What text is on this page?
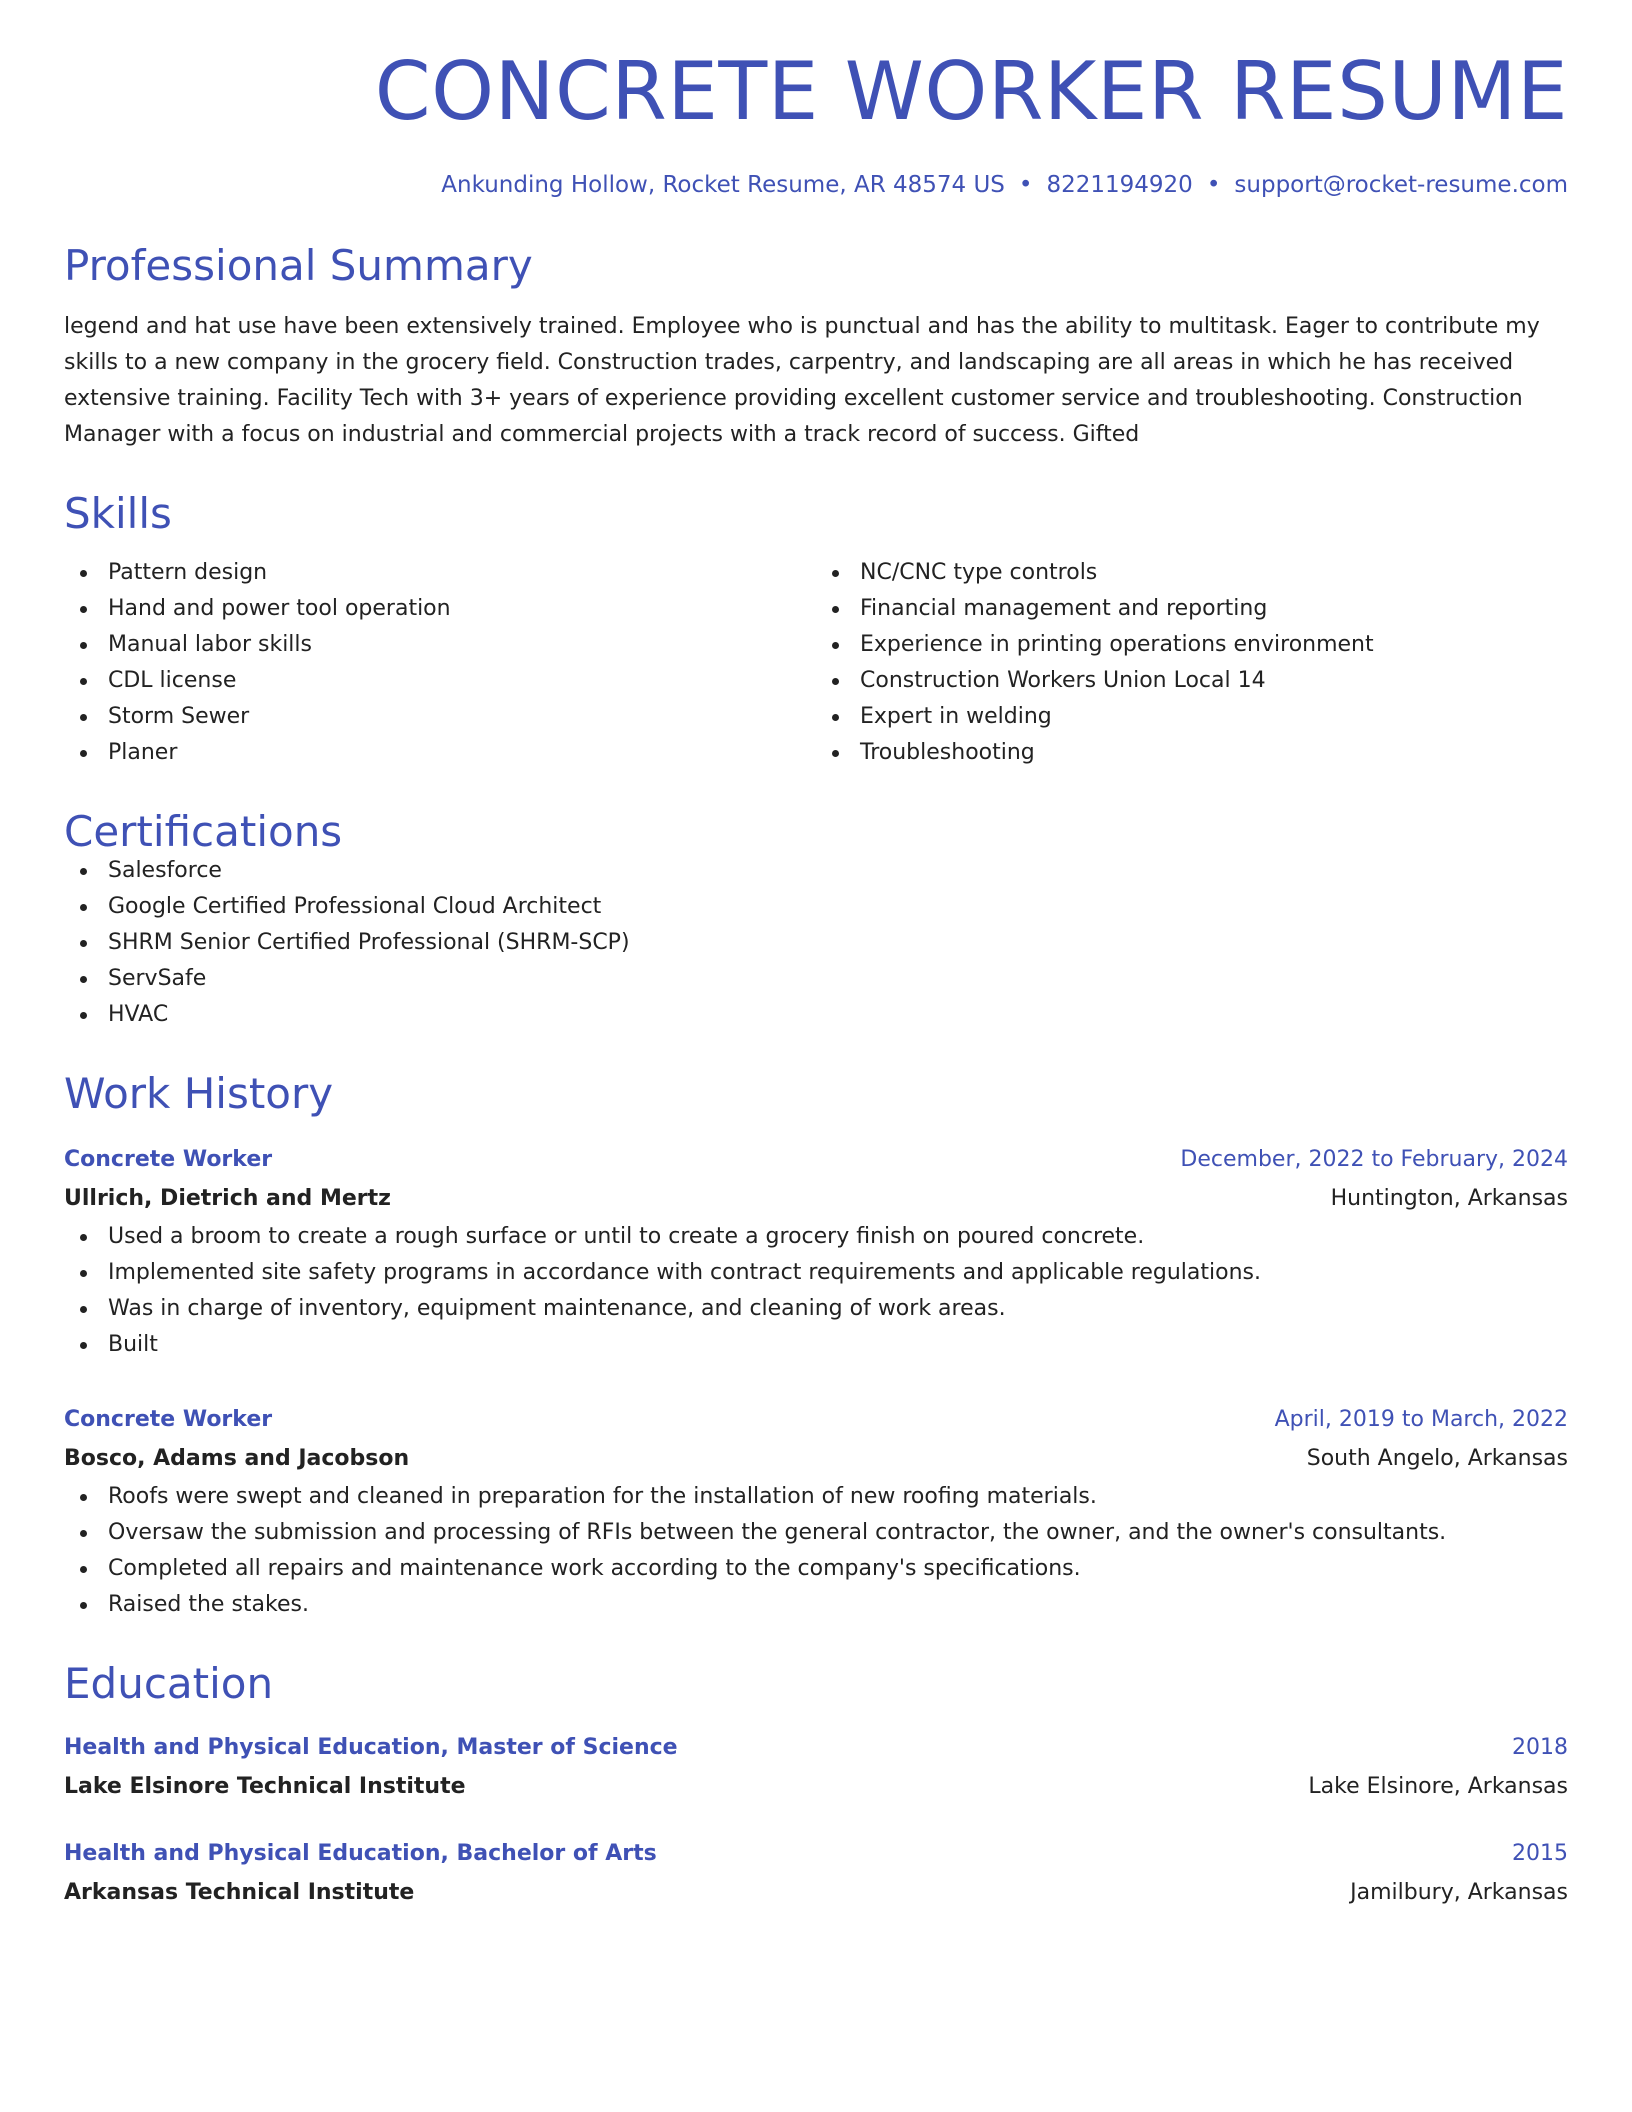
CONCRETE WORKER RESUME
Ankunding Hollow, Rocket Resume, AR 48574 US • 8221194920 • support@rocket-resume.com
Professional Summary
legend and hat use have been extensively trained. Employee who is punctual and has the ability to multitask. Eager to contribute my skills to a new company in the grocery field. Construction trades, carpentry, and landscaping are all areas in which he has received extensive training. Facility Tech with 3+ years of experience providing excellent customer service and troubleshooting. Construction Manager with a focus on industrial and commercial projects with a track record of success. Gifted
Skills
Pattern design
Hand and power tool operation
Manual labor skills
CDL license
Storm Sewer
Planer
NC/CNC type controls
Financial management and reporting
Experience in printing operations environment
Construction Workers Union Local 14
Expert in welding
Troubleshooting
Certifications
Salesforce
Google Certified Professional Cloud Architect
SHRM Senior Certified Professional (SHRM-SCP)
ServSafe
HVAC
Work History
Concrete Worker	December, 2022 to February, 2024
Ullrich, Dietrich and Mertz	Huntington, Arkansas
Used a broom to create a rough surface or until to create a grocery finish on poured concrete.
Implemented site safety programs in accordance with contract requirements and applicable regulations.
Was in charge of inventory, equipment maintenance, and cleaning of work areas.
Built
Concrete Worker	April, 2019 to March, 2022
Bosco, Adams and Jacobson	South Angelo, Arkansas
Roofs were swept and cleaned in preparation for the installation of new roofing materials.
Oversaw the submission and processing of RFIs between the general contractor, the owner, and the owner's consultants.
Completed all repairs and maintenance work according to the company's specifications.
Raised the stakes.
Education
Health and Physical Education, Master of Science	2018
Lake Elsinore Technical Institute	Lake Elsinore, Arkansas
Health and Physical Education, Bachelor of Arts	2015
Arkansas Technical Institute	Jamilbury, Arkansas
